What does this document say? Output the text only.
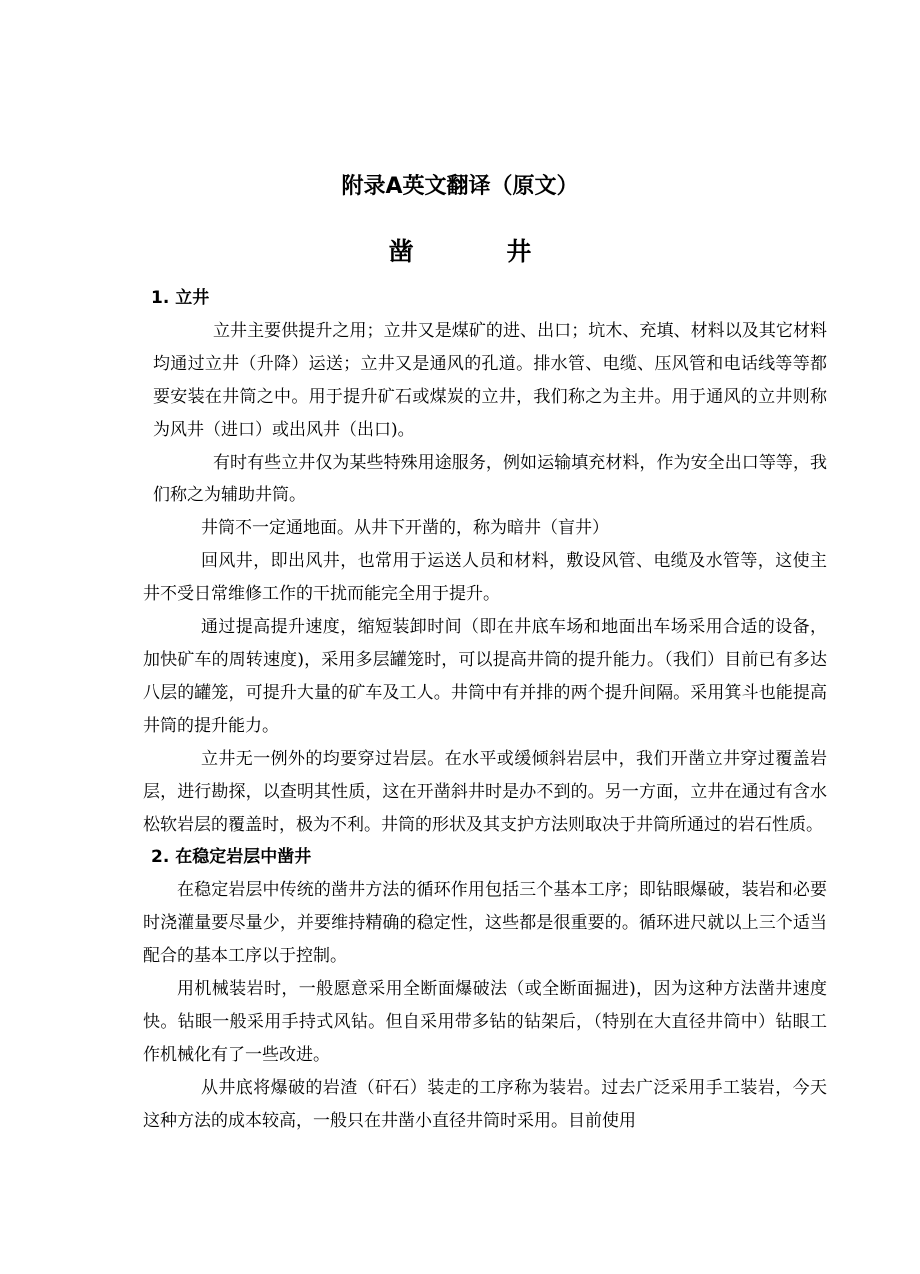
附录A英文翻译（原文）
凿 井

1. 立井

立井主要供提升之用；立井又是煤矿的进、出口；坑木、充填、材料以及其它材料均通过立井（升降）运送；立井又是通风的孔道。排水管、电缆、压风管和电话线等等都要安装在井筒之中。用于提升矿石或煤炭的立井，我们称之为主井。用于通风的立井则称为风井（进口）或出风井（出口)。

有时有些立井仅为某些特殊用途服务，例如运输填充材料，作为安全出口等等，我们称之为辅助井筒。

井筒不一定通地面。从井下开凿的，称为暗井（盲井）

回风井，即出风井，也常用于运送人员和材料，敷设风管、电缆及水管等，这使主井不受日常维修工作的干扰而能完全用于提升。

通过提高提升速度，缩短装卸时间（即在井底车场和地面出车场采用合适的设备，加快矿车的周转速度)，采用多层罐笼时，可以提高井筒的提升能力。（我们）目前已有多达八层的罐笼，可提升大量的矿车及工人。井筒中有并排的两个提升间隔。采用箕斗也能提高井筒的提升能力。

立井无一例外的均要穿过岩层。在水平或缓倾斜岩层中，我们开凿立井穿过覆盖岩层，进行勘探，以查明其性质，这在开凿斜井时是办不到的。另一方面，立井在通过有含水松软岩层的覆盖时，极为不利。井筒的形状及其支护方法则取决于井筒所通过的岩石性质。

2. 在稳定岩层中凿井

在稳定岩层中传统的凿井方法的循环作用包括三个基本工序；即钻眼爆破，装岩和必要时浇灌量要尽量少，并要维持精确的稳定性，这些都是很重要的。循环进尺就以上三个适当配合的基本工序以于控制。

用机械装岩时，一般愿意采用全断面爆破法（或全断面掘进)，因为这种方法凿井速度快。钻眼一般采用手持式风钻。但自采用带多钻的钻架后，（特别在大直径井筒中）钻眼工作机械化有了一些改进。

从井底将爆破的岩渣（矸石）装走的工序称为装岩。过去广泛采用手工装岩，今天这种方法的成本较高，一般只在井凿小直径井筒时采用。目前使用
